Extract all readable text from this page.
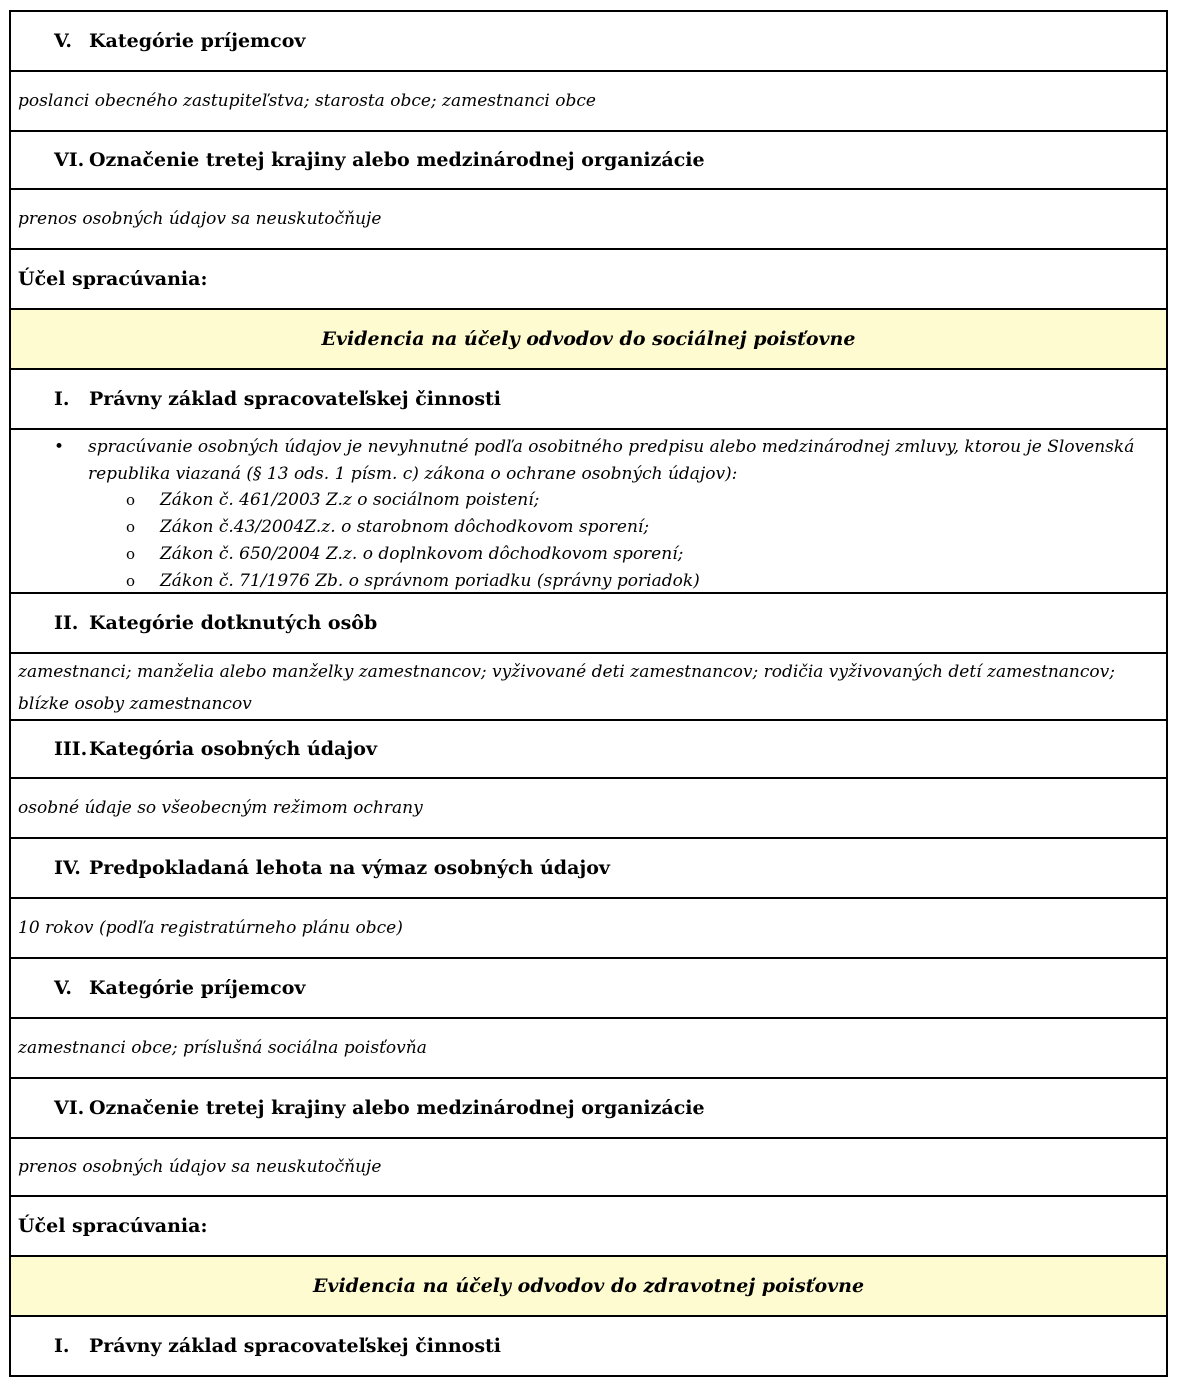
V. Kategórie príjemcov
poslanci obecného zastupiteľstva; starosta obce; zamestnanci obce
VI. Označenie tretej krajiny alebo medzinárodnej organizácie
prenos osobných údajov sa neuskutočňuje
Účel spracúvania:
Evidencia na účely odvodov do sociálnej poisťovne
I.	Právny základ spracovateľskej činnosti
• spracúvanie osobných údajov je nevyhnutné podľa osobitného predpisu alebo medzinárodnej zmluvy, ktorou je Slovenská republika viazaná (§ 13 ods. 1 písm. c) zákona o ochrane osobných údajov):
o Zákon č. 461/2003 Z.z o sociálnom poistení;
o Zákon č.43/2004Z.z. o starobnom dôchodkovom sporení;
o Zákon č. 650/2004 Z.z. o doplnkovom dôchodkovom sporení;
o Zákon č. 71/1976 Zb. o správnom poriadku (správny poriadok)
II. Kategórie dotknutých osôb
zamestnanci; manželia alebo manželky zamestnancov; vyživované deti zamestnancov; rodičia vyživovaných detí zamestnancov; blízke osoby zamestnancov
III. Kategória osobných údajov
osobné údaje so všeobecným režimom ochrany
IV. Predpokladaná lehota na výmaz osobných údajov
10 rokov (podľa registratúrneho plánu obce)
V. Kategórie príjemcov
zamestnanci obce; príslušná sociálna poisťovňa
VI. Označenie tretej krajiny alebo medzinárodnej organizácie
prenos osobných údajov sa neuskutočňuje
Účel spracúvania:
Evidencia na účely odvodov do zdravotnej poisťovne
I.	Právny základ spracovateľskej činnosti
